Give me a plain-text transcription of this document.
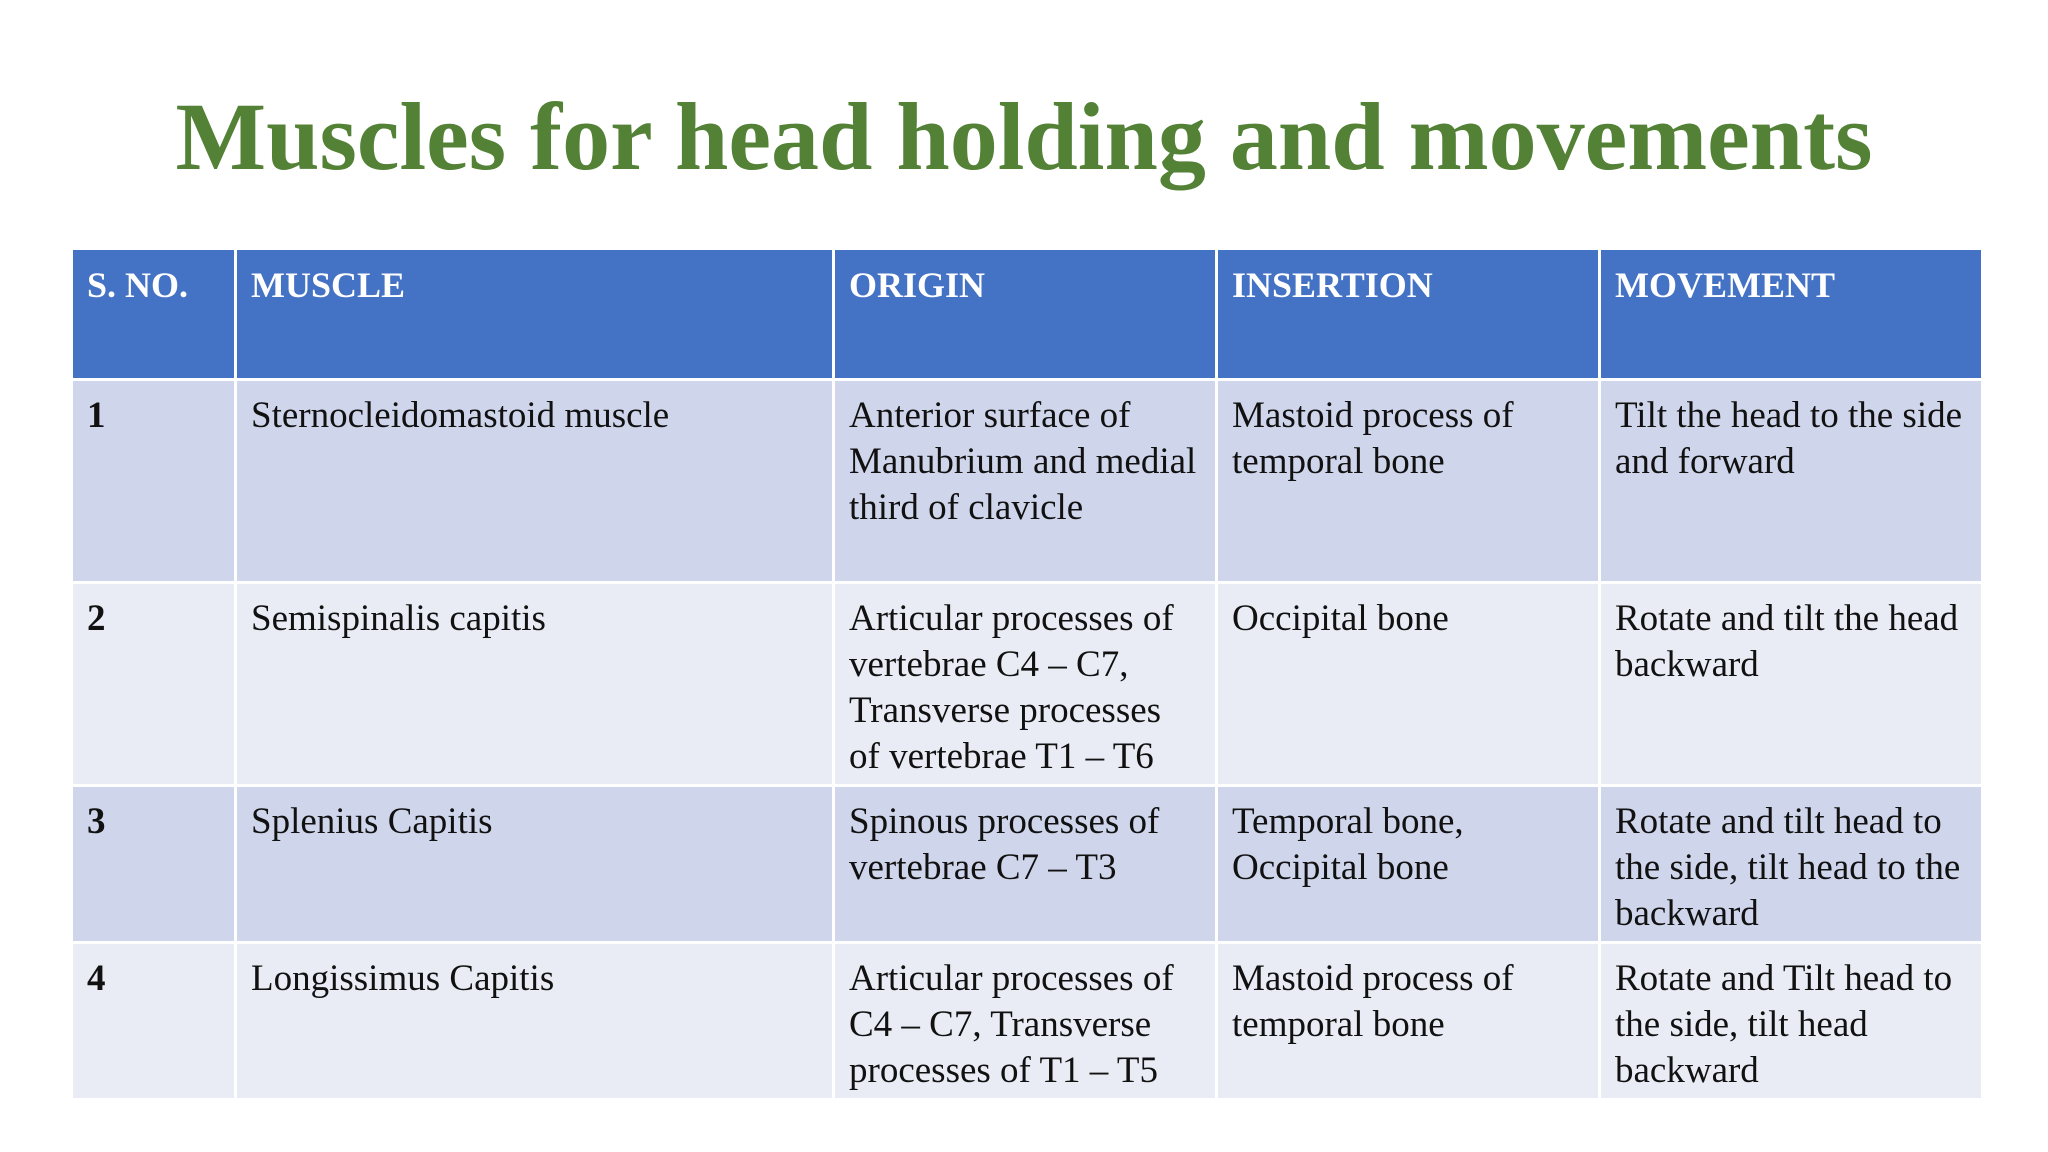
Muscles for head holding and movements
S. NO.	MUSCLE	ORIGIN	INSERTION	MOVEMENT
1	Sternocleidomastoid muscle	Anterior surface of Manubrium and medial third of clavicle	Mastoid process of temporal bone	Tilt the head to the side and forward
2	Semispinalis capitis	Articular processes of vertebrae C4 – C7, Transverse processes of vertebrae T1 – T6	Occipital bone	Rotate and tilt the head backward
3	Splenius Capitis	Spinous processes of vertebrae C7 – T3	Temporal bone, Occipital bone	Rotate and tilt head to the side, tilt head to the backward
4	Longissimus Capitis	Articular processes of C4 – C7, Transverse processes of T1 – T5	Mastoid process of temporal bone	Rotate and Tilt head to the side, tilt head backward
